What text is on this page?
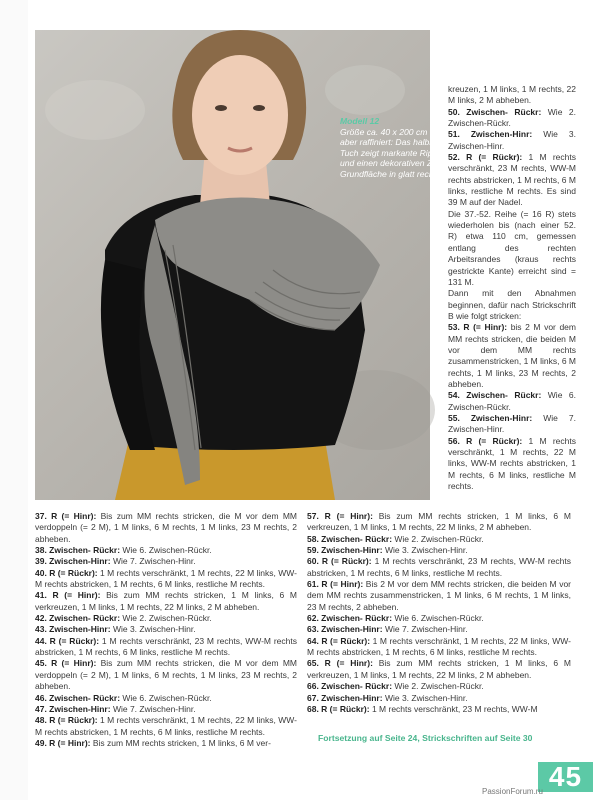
Modell 12
Größe ca. 40 x 200 cm Schlicht aber raffiniert: Das halbrunde Tuch zeigt markante Rippen und einen dekorativen Zopf zur Grundfläche in glatt rechts.

kreuzen, 1 M links, 1 M rechts, 22 M links, 2 M abheben.

50. Zwischen- Rückr: Wie 2. Zwischen-Rückr.

51. Zwischen-Hinr: Wie 3. Zwischen-Hinr.

52. R (= Rückr): 1 M rechts verschränkt, 23 M rechts, WW-M rechts abstricken, 1 M rechts, 6 M links, restliche M rechts. Es sind 39 M auf der Nadel.

Die 37.-52. Reihe (= 16 R) stets wiederholen bis (nach einer 52. R) etwa 110 cm, gemessen entlang des rechten Arbeitsrandes (kraus rechts gestrickte Kante) erreicht sind = 131 M.

Dann mit den Abnahmen beginnen, dafür nach Strickschrift B wie folgt stricken:

53. R (= Hinr): bis 2 M vor dem MM rechts stricken, die beiden M vor dem MM rechts zusammenstricken, 1 M links, 6 M rechts, 1 M links, 23 M rechts, 2 abheben.

54. Zwischen- Rückr: Wie 6. Zwischen-Rückr.

55. Zwischen-Hinr: Wie 7. Zwischen-Hinr.

56. R (= Rückr): 1 M rechts verschränkt, 1 M rechts, 22 M links, WW-M rechts abstricken, 1 M rechts, 6 M links, restliche M rechts.

37. R (= Hinr): Bis zum MM rechts stricken, die M vor dem MM verdoppeln (= 2 M), 1 M links, 6 M rechts, 1 M links, 23 M rechts, 2 abheben.

38. Zwischen- Rückr: Wie 6. Zwischen-Rückr.

39. Zwischen-Hinr: Wie 7. Zwischen-Hinr.

40. R (= Rückr): 1 M rechts verschränkt, 1 M rechts, 22 M links, WW-M rechts abstricken, 1 M rechts, 6 M links, restliche M rechts.

41. R (= Hinr): Bis zum MM rechts stricken, 1 M links, 6 M verkreuzen, 1 M links, 1 M rechts, 22 M links, 2 M abheben.

42. Zwischen- Rückr: Wie 2. Zwischen-Rückr.

43. Zwischen-Hinr: Wie 3. Zwischen-Hinr.

44. R (= Rückr): 1 M rechts verschränkt, 23 M rechts, WW-M rechts abstricken, 1 M rechts, 6 M links, restliche M rechts.

45. R (= Hinr): Bis zum MM rechts stricken, die M vor dem MM verdoppeln (= 2 M), 1 M links, 6 M rechts, 1 M links, 23 M rechts, 2 abheben.

46. Zwischen- Rückr: Wie 6. Zwischen-Rückr.

47. Zwischen-Hinr: Wie 7. Zwischen-Hinr.

48. R (= Rückr): 1 M rechts verschränkt, 1 M rechts, 22 M links, WW-M rechts abstricken, 1 M rechts, 6 M links, restliche M rechts.

49. R (= Hinr): Bis zum MM rechts stricken, 1 M links, 6 M ver-

57. R (= Hinr): Bis zum MM rechts stricken, 1 M links, 6 M verkreuzen, 1 M links, 1 M rechts, 22 M links, 2 M abheben.

58. Zwischen- Rückr: Wie 2. Zwischen-Rückr.

59. Zwischen-Hinr: Wie 3. Zwischen-Hinr.

60. R (= Rückr): 1 M rechts verschränkt, 23 M rechts, WW-M rechts abstricken, 1 M rechts, 6 M links, restliche M rechts.

61. R (= Hinr): Bis 2 M vor dem MM rechts stricken, die beiden M vor dem MM rechts zusammenstricken, 1 M links, 6 M rechts, 1 M links, 23 M rechts, 2 abheben.

62. Zwischen- Rückr: Wie 6. Zwischen-Rückr.

63. Zwischen-Hinr: Wie 7. Zwischen-Hinr.

64. R (= Rückr): 1 M rechts verschränkt, 1 M rechts, 22 M links, WW-M rechts abstricken, 1 M rechts, 6 M links, restliche M rechts.

65. R (= Hinr): Bis zum MM rechts stricken, 1 M links, 6 M verkreuzen, 1 M links, 1 M rechts, 22 M links, 2 M abheben.

66. Zwischen- Rückr: Wie 2. Zwischen-Rückr.

67. Zwischen-Hinr: Wie 3. Zwischen-Hinr.

68. R (= Rückr): 1 M rechts verschränkt, 23 M rechts, WW-M

Fortsetzung auf Seite 24, Strickschriften auf Seite 30
45
PassionForum.ru
